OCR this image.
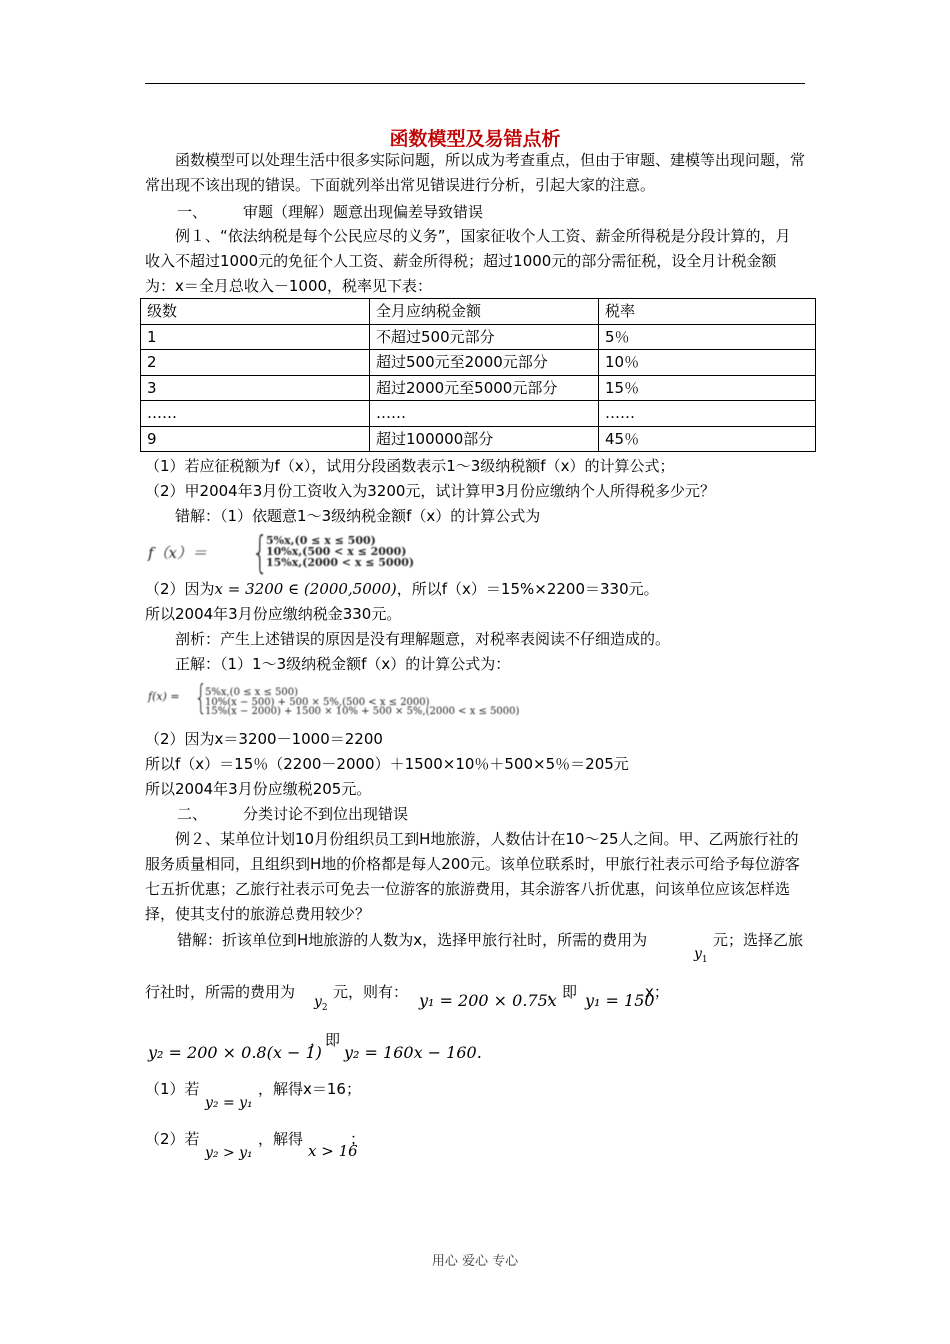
函数模型及易错点析
函数模型可以处理生活中很多实际问题，所以成为考查重点，但由于审题、建模等出现问题，常常出现不该出现的错误。下面就列举出常见错误进行分析，引起大家的注意。
一、 审题（理解）题意出现偏差导致错误
例１、“依法纳税是每个公民应尽的义务”，国家征收个人工资、薪金所得税是分段计算的，月收入不超过1000元的免征个人工资、薪金所得税；超过1000元的部分需征税，设全月计税金额为：x＝全月总收入－1000，税率见下表：
级数	全月应纳税金额	税率
1	不超过500元部分	5％
2	超过500元至2000元部分	10％
3	超过2000元至5000元部分	15％
……	……	……
9	超过100000部分	45％
（1）若应征税额为f（x），试用分段函数表示1～3级纳税额f（x）的计算公式；
（2）甲2004年3月份工资收入为3200元，试计算甲3月份应缴纳个人所得税多少元？
错解：（1）依题意1～3级纳税金额f（x）的计算公式为
f（x）＝ {
5%x,(0 ≤ x ≤ 500)
10%x,(500 < x ≤ 2000)
15%x,(2000 < x ≤ 5000)
（2）因为x = 3200 ∈ (2000,5000)，所以f（x）＝15%×2200＝330元。
所以2004年3月份应缴纳税金330元。
剖析：产生上述错误的原因是没有理解题意，对税率表阅读不仔细造成的。
正解：（1）1～3级纳税金额f（x）的计算公式为：
f(x) = {
5%x,(0 ≤ x ≤ 500)
10%(x − 500) + 500 × 5%,(500 < x ≤ 2000)
15%(x − 2000) + 1500 × 10% + 500 × 5%,(2000 < x ≤ 5000)
（2）因为x＝3200－1000＝2200
所以f（x）＝15％（2200－2000）＋1500×10％＋500×5％＝205元
所以2004年3月份应缴税205元。
二、 分类讨论不到位出现错误
例２、某单位计划10月份组织员工到H地旅游，人数估计在10～25人之间。甲、乙两旅行社的服务质量相同，且组织到H地的价格都是每人200元。该单位联系时，甲旅行社表示可给予每位游客七五折优惠；乙旅行社表示可免去一位游客的旅游费用，其余游客八折优惠，问该单位应该怎样选择，使其支付的旅游总费用较少？
错解：折该单位到H地旅游的人数为x，选择甲旅行社时，所需的费用为
$y_1$
元；选择乙旅
行社时，所需的费用为
$y_2$
元，则有： y₁ = 200 × 0.75x
，即 y₁ = 150
x；
y₂ = 200 × 0.8(x − 1)
，即
y₂ = 160x − 160.
（1）若
y₂ = y₁
，解得x＝16；
（2）若
y₂ > y₁
，解得
x > 16
；
用心 爱心 专心
